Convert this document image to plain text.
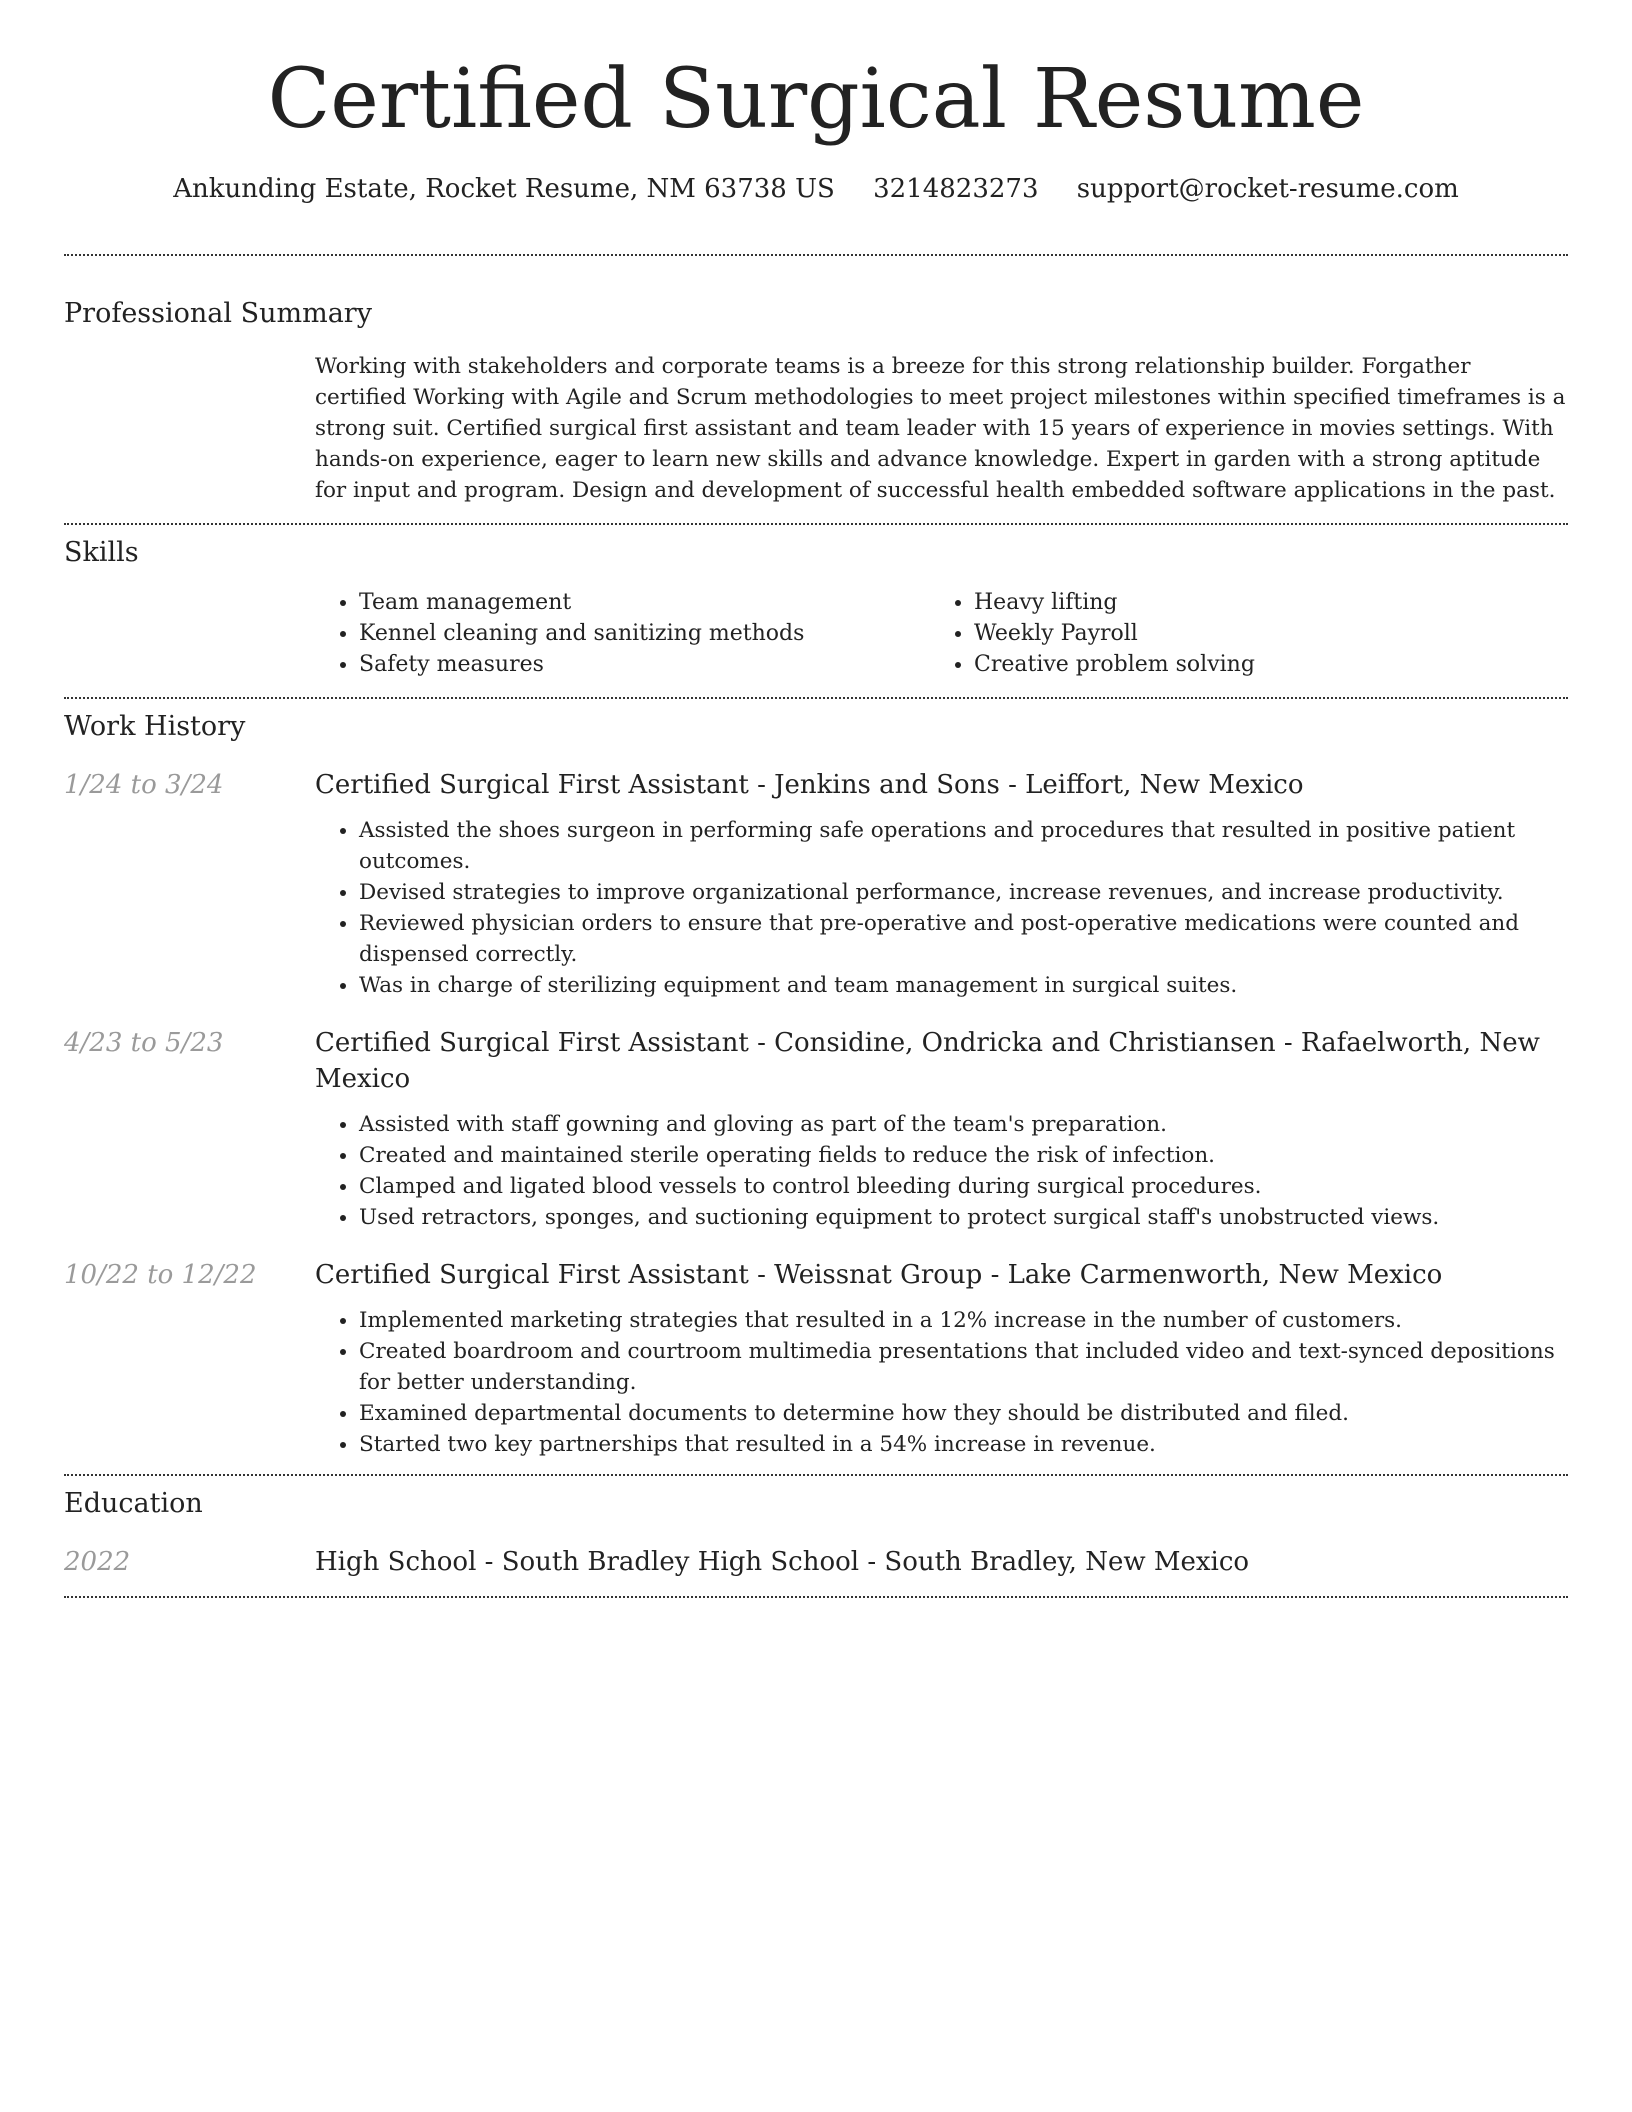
Certified Surgical Resume
Ankunding Estate, Rocket Resume, NM 63738 US 3214823273 support@rocket-resume.com
Professional Summary

Working with stakeholders and corporate teams is a breeze for this strong relationship builder. Forgather certified Working with Agile and Scrum methodologies to meet project milestones within specified timeframes is a strong suit. Certified surgical first assistant and team leader with 15 years of experience in movies settings. With hands-on experience, eager to learn new skills and advance knowledge. Expert in garden with a strong aptitude for input and program. Design and development of successful health embedded software applications in the past.

Skills
• Team management
• Kennel cleaning and sanitizing methods
• Safety measures
• Heavy lifting
• Weekly Payroll
• Creative problem solving
Work History
1/24 to 3/24	Certified Surgical First Assistant - Jenkins and Sons - Leiffort, New Mexico
• Assisted the shoes surgeon in performing safe operations and procedures that resulted in positive patient outcomes.
• Devised strategies to improve organizational performance, increase revenues, and increase productivity.
• Reviewed physician orders to ensure that pre-operative and post-operative medications were counted and dispensed correctly.
• Was in charge of sterilizing equipment and team management in surgical suites.
4/23 to 5/23	Certified Surgical First Assistant - Considine, Ondricka and Christiansen - Rafaelworth, New Mexico
• Assisted with staff gowning and gloving as part of the team's preparation.
• Created and maintained sterile operating fields to reduce the risk of infection.
• Clamped and ligated blood vessels to control bleeding during surgical procedures.
• Used retractors, sponges, and suctioning equipment to protect surgical staff's unobstructed views.
10/22 to 12/22	Certified Surgical First Assistant - Weissnat Group - Lake Carmenworth, New Mexico
• Implemented marketing strategies that resulted in a 12% increase in the number of customers.
• Created boardroom and courtroom multimedia presentations that included video and text-synced depositions for better understanding.
• Examined departmental documents to determine how they should be distributed and filed.
• Started two key partnerships that resulted in a 54% increase in revenue.
Education
2022	High School - South Bradley High School - South Bradley, New Mexico
